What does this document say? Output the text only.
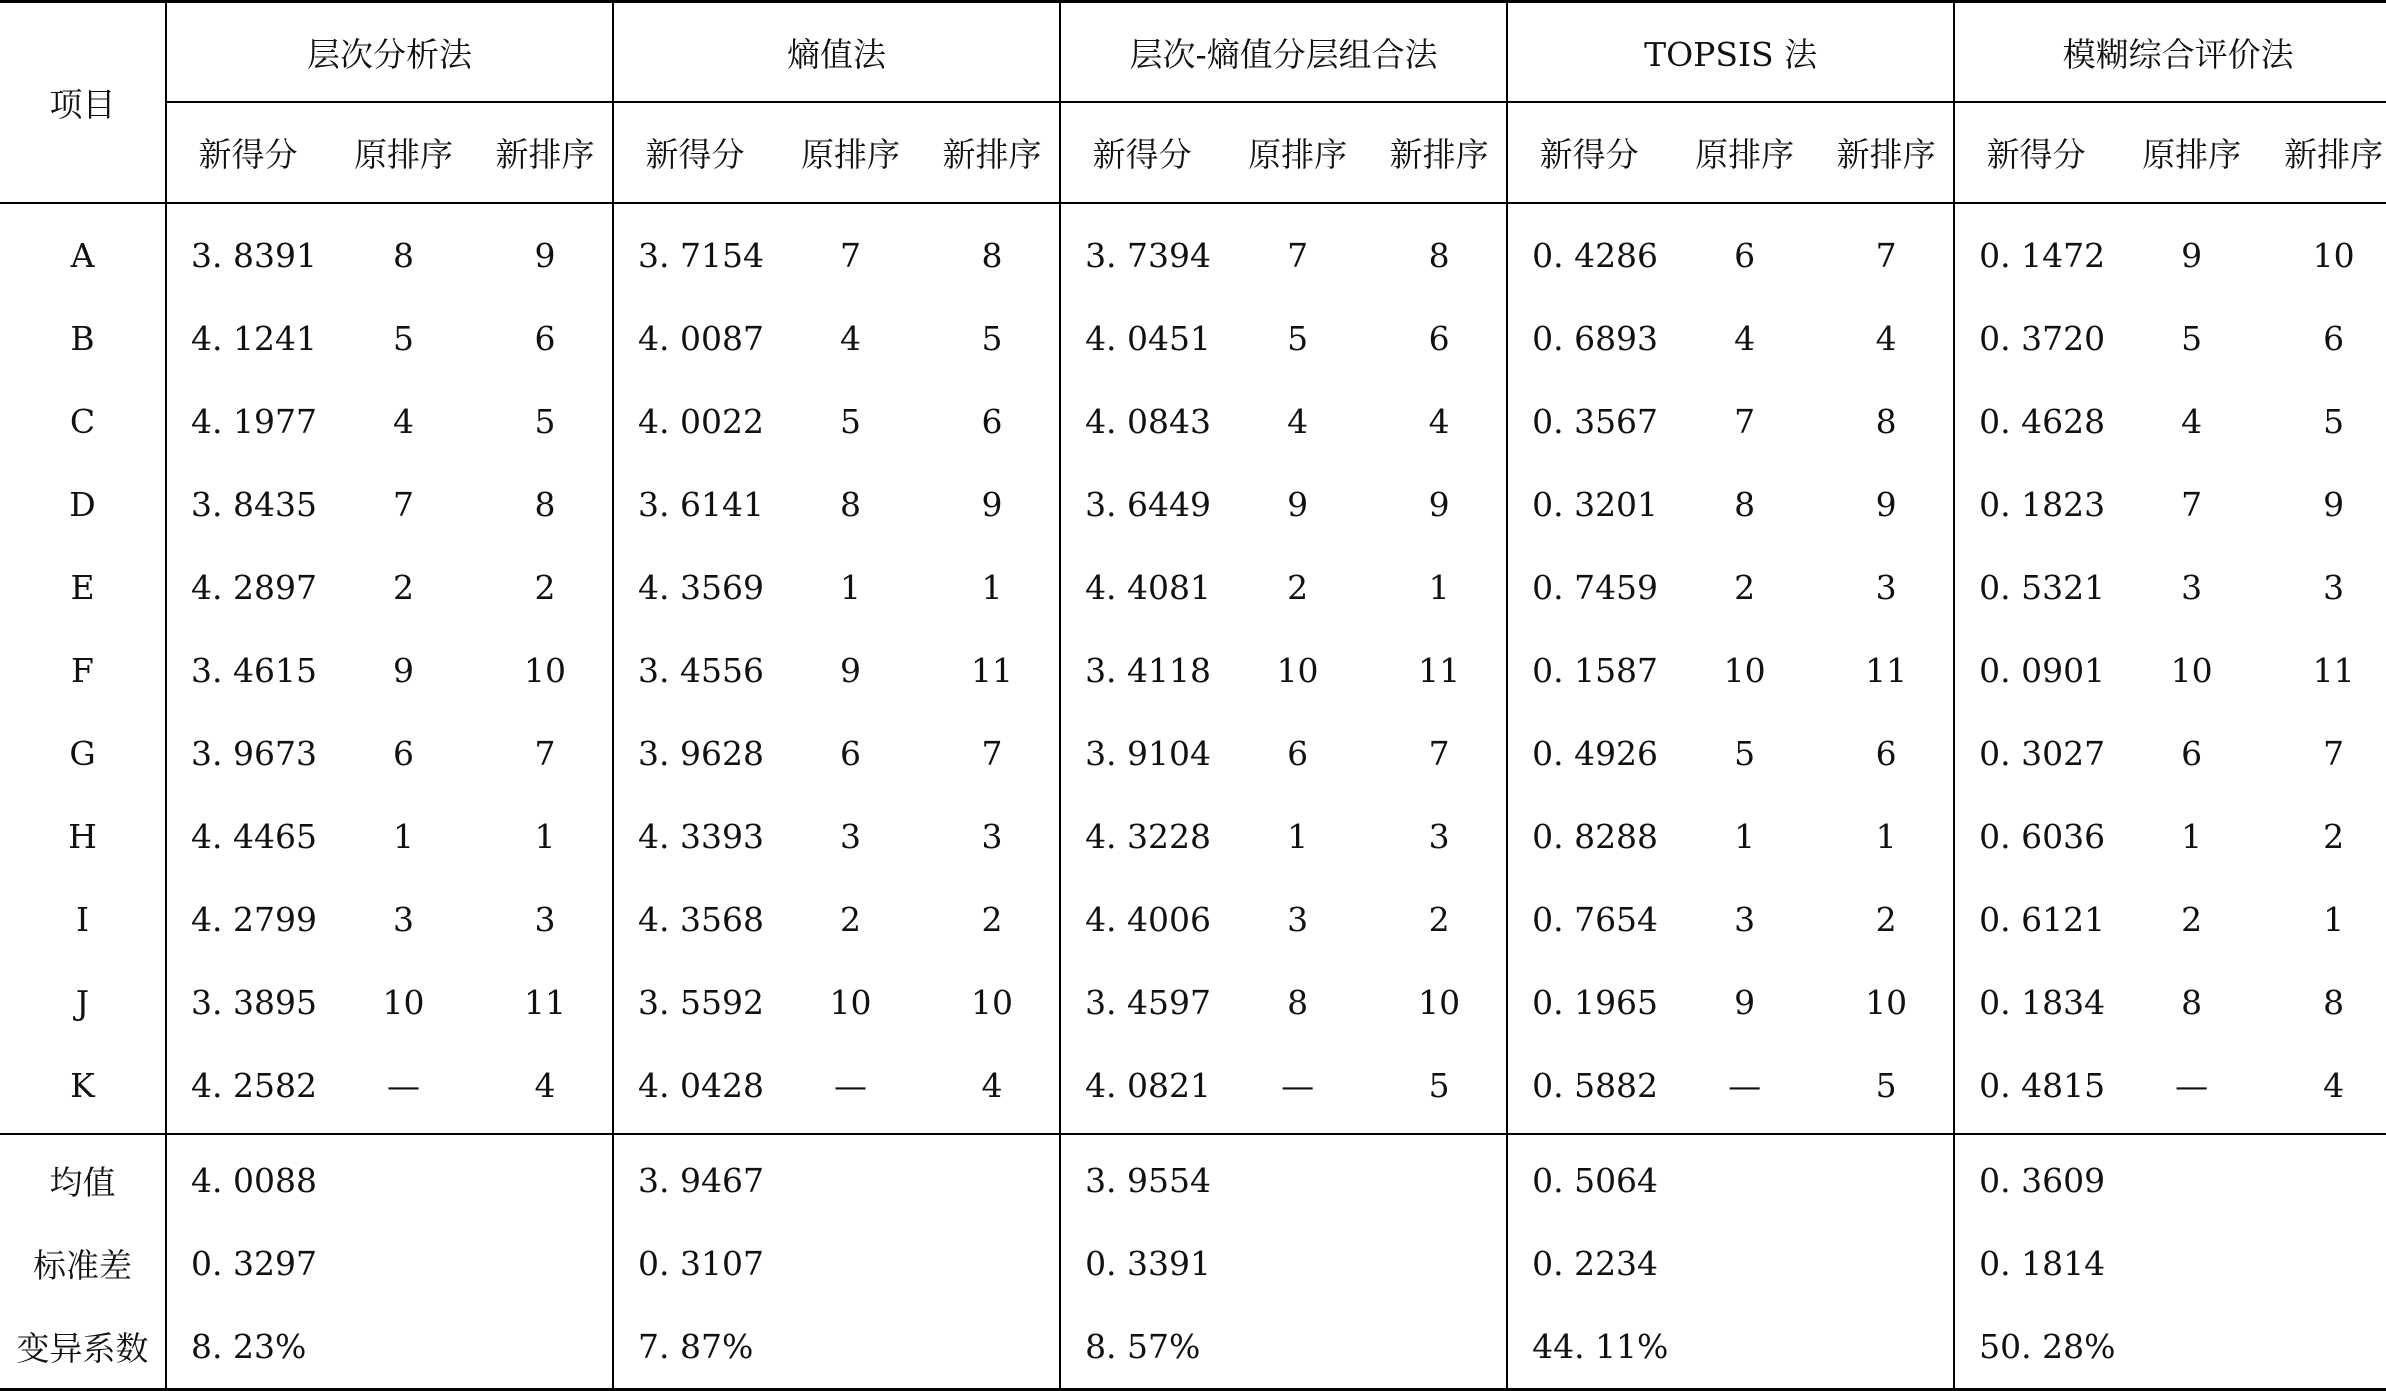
项目	层次分析法			熵值法			层次-熵值分层组合法			TOPSIS 法			模糊综合评价法		
	新得分	原排序	新排序	新得分	原排序	新排序	新得分	原排序	新排序	新得分	原排序	新排序	新得分	原排序	新排序
A	3. 8391	8	9	3. 7154	7	8	3. 7394	7	8	0. 4286	6	7	0. 1472	9	10
B	4. 1241	5	6	4. 0087	4	5	4. 0451	5	6	0. 6893	4	4	0. 3720	5	6
C	4. 1977	4	5	4. 0022	5	6	4. 0843	4	4	0. 3567	7	8	0. 4628	4	5
D	3. 8435	7	8	3. 6141	8	9	3. 6449	9	9	0. 3201	8	9	0. 1823	7	9
E	4. 2897	2	2	4. 3569	1	1	4. 4081	2	1	0. 7459	2	3	0. 5321	3	3
F	3. 4615	9	10	3. 4556	9	11	3. 4118	10	11	0. 1587	10	11	0. 0901	10	11
G	3. 9673	6	7	3. 9628	6	7	3. 9104	6	7	0. 4926	5	6	0. 3027	6	7
H	4. 4465	1	1	4. 3393	3	3	4. 3228	1	3	0. 8288	1	1	0. 6036	1	2
I	4. 2799	3	3	4. 3568	2	2	4. 4006	3	2	0. 7654	3	2	0. 6121	2	1
J	3. 3895	10	11	3. 5592	10	10	3. 4597	8	10	0. 1965	9	10	0. 1834	8	8
K	4. 2582	—	4	4. 0428	—	4	4. 0821	—	5	0. 5882	—	5	0. 4815	—	4
均值	4. 0088			3. 9467			3. 9554			0. 5064			0. 3609		
标准差	0. 3297			0. 3107			0. 3391			0. 2234			0. 1814		
变异系数	8. 23%			7. 87%			8. 57%			44. 11%			50. 28%		
